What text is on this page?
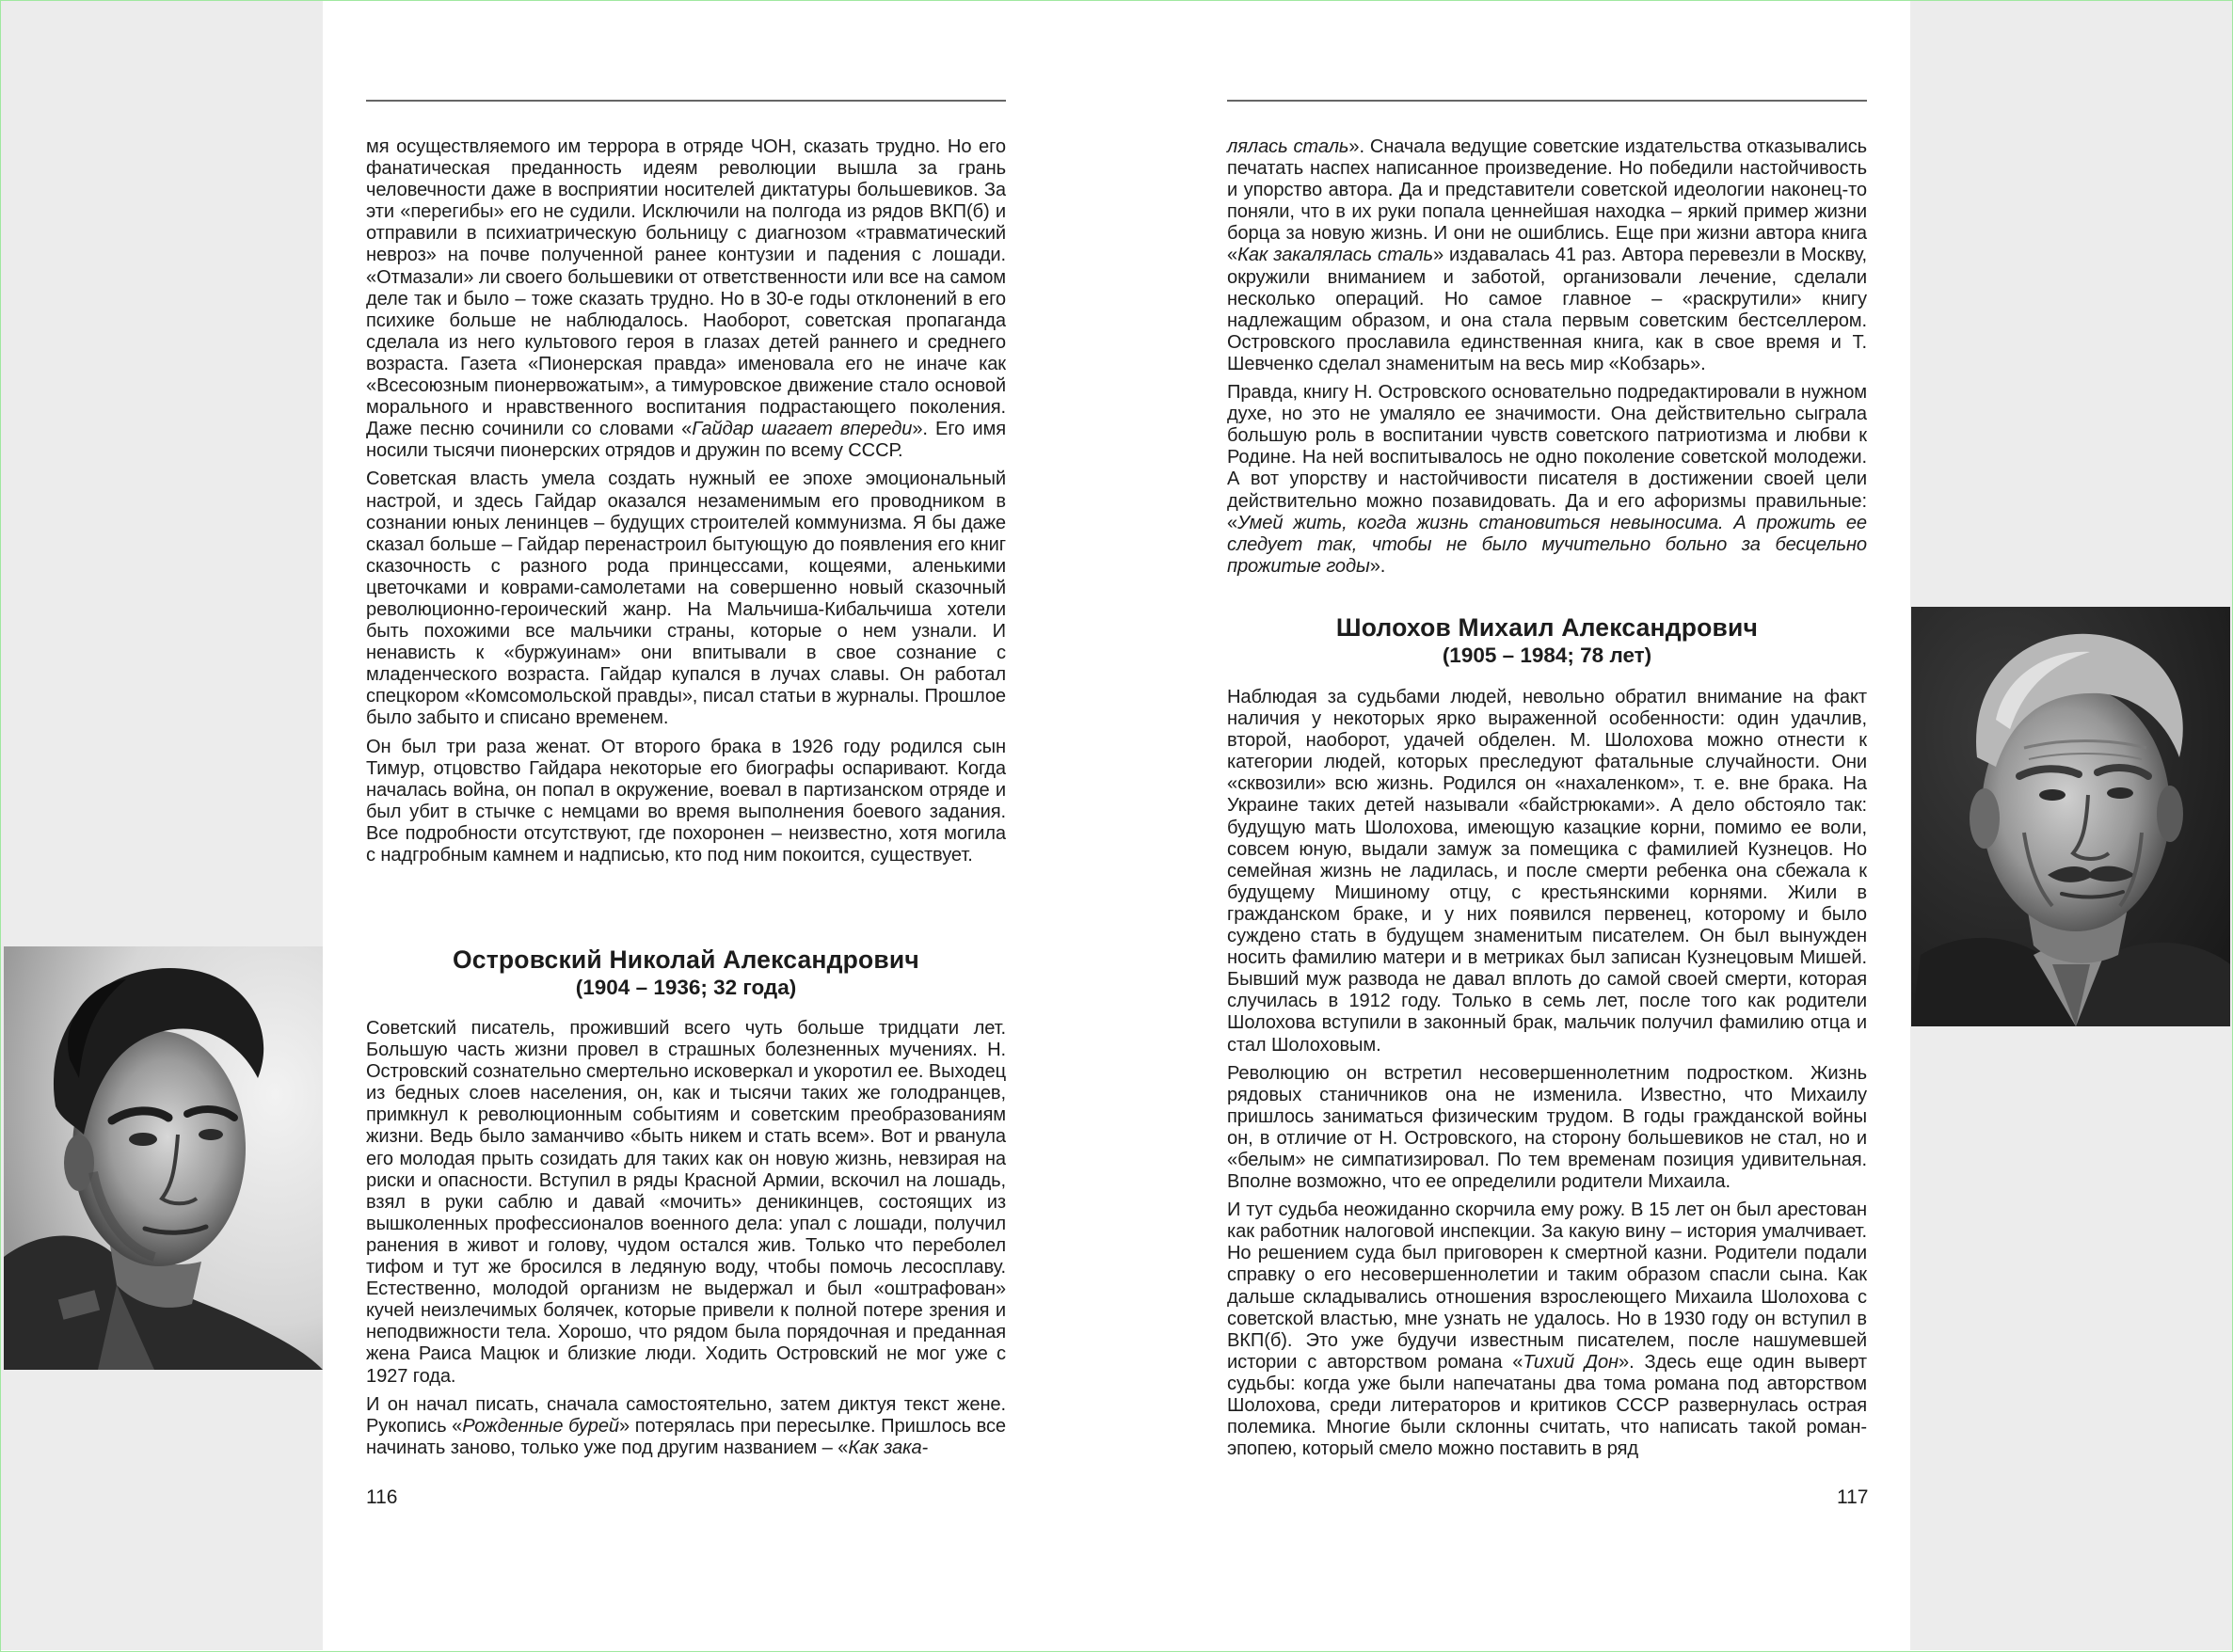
мя осуществляемого им террора в отряде ЧОН, сказать трудно. Но его фанатическая преданность идеям революции вышла за грань человечности даже в восприятии носителей диктатуры большевиков. За эти «перегибы» его не судили. Исключили на полгода из рядов ВКП(б) и отправили в психиатрическую больницу с диагнозом «травматический невроз» на почве полученной ранее контузии и падения с лошади. «Отмазали» ли своего большевики от ответственности или все на самом деле так и было – тоже сказать трудно. Но в 30-е годы отклонений в его психике больше не наблюдалось. Наоборот, советская пропаганда сделала из него культового героя в глазах детей раннего и среднего возраста. Газета «Пионерская правда» именовала его не иначе как «Всесоюзным пионервожатым», а тимуровское движение стало основой морального и нравственного воспитания подрастающего поколения. Даже песню сочинили со словами «Гайдар шагает впереди». Его имя носили тысячи пионерских отрядов и дружин по всему СССР.

Советская власть умела создать нужный ее эпохе эмоциональный настрой, и здесь Гайдар оказался незаменимым его проводником в сознании юных ленинцев – будущих строителей коммунизма. Я бы даже сказал больше – Гайдар перенастроил бытующую до появления его книг сказочность с разного рода принцессами, кощеями, аленькими цветочками и коврами-самолетами на совершенно новый сказочный революционно-героический жанр. На Мальчиша-Кибальчиша хотели быть похожими все мальчики страны, которые о нем узнали. И ненависть к «буржуинам» они впитывали в свое сознание с младенческого возраста. Гайдар купался в лучах славы. Он работал спецкором «Комсомольской правды», писал статьи в журналы. Прошлое было забыто и списано временем.

Он был три раза женат. От второго брака в 1926 году родился сын Тимур, отцовство Гайдара некоторые его биографы оспаривают. Когда началась война, он попал в окружение, воевал в партизанском отряде и был убит в стычке с немцами во время выполнения боевого задания. Все подробности отсутствуют, где похоронен – неизвестно, хотя могила с надгробным камнем и надписью, кто под ним покоится, существует.

Островский Николай Александрович
(1904 – 1936; 32 года)

Советский писатель, проживший всего чуть больше тридцати лет. Большую часть жизни провел в страшных болезненных мучениях. Н. Островский сознательно смертельно исковеркал и укоротил ее. Выходец из бедных слоев населения, он, как и тысячи таких же голодранцев, примкнул к революционным событиям и советским преобразованиям жизни. Ведь было заманчиво «быть никем и стать всем». Вот и рванула его молодая прыть созидать для таких как он новую жизнь, невзирая на риски и опасности. Вступил в ряды Красной Армии, вскочил на лошадь, взял в руки саблю и давай «мочить» деникинцев, состоящих из вышколенных профессионалов военного дела: упал с лошади, получил ранения в живот и голову, чудом остался жив. Только что переболел тифом и тут же бросился в ледяную воду, чтобы помочь лесосплаву. Естественно, молодой организм не выдержал и был «оштрафован» кучей неизлечимых болячек, которые привели к полной потере зрения и неподвижности тела. Хорошо, что рядом была порядочная и преданная жена Раиса Мацюк и близкие люди. Ходить Островский не мог уже с 1927 года.

И он начал писать, сначала самостоятельно, затем диктуя текст жене. Рукопись «Рожденные бурей» потерялась при пересылке. Пришлось все начинать заново, только уже под другим названием – «Как зака-

116

лялась сталь». Сначала ведущие советские издательства отказывались печатать наспех написанное произведение. Но победили настойчивость и упорство автора. Да и представители советской идеологии наконец-то поняли, что в их руки попала ценнейшая находка – яркий пример жизни борца за новую жизнь. И они не ошиблись. Еще при жизни автора книга «Как закалялась сталь» издавалась 41 раз. Автора перевезли в Москву, окружили вниманием и заботой, организовали лечение, сделали несколько операций. Но самое главное – «раскрутили» книгу надлежащим образом, и она стала первым советским бестселлером. Островского прославила единственная книга, как в свое время и Т. Шевченко сделал знаменитым на весь мир «Кобзарь».

Правда, книгу Н. Островского основательно подредактировали в нужном духе, но это не умаляло ее значимости. Она действительно сыграла большую роль в воспитании чувств советского патриотизма и любви к Родине. На ней воспитывалось не одно поколение советской молодежи. А вот упорству и настойчивости писателя в достижении своей цели действительно можно позавидовать. Да и его афоризмы правильные: «Умей жить, когда жизнь становиться невыносима. А прожить ее следует так, чтобы не было мучительно больно за бесцельно прожитые годы».

Шолохов Михаил Александрович
(1905 – 1984; 78 лет)

Наблюдая за судьбами людей, невольно обратил внимание на факт наличия у некоторых ярко выраженной особенности: один удачлив, второй, наоборот, удачей обделен. М. Шолохова можно отнести к категории людей, которых преследуют фатальные случайности. Они «сквозили» всю жизнь. Родился он «нахаленком», т. е. вне брака. На Украине таких детей называли «байстрюками». А дело обстояло так: будущую мать Шолохова, имеющую казацкие корни, помимо ее воли, совсем юную, выдали замуж за помещика с фамилией Кузнецов. Но семейная жизнь не ладилась, и после смерти ребенка она сбежала к будущему Мишиному отцу, с крестьянскими корнями. Жили в гражданском браке, и у них появился первенец, которому и было суждено стать в будущем знаменитым писателем. Он был вынужден носить фамилию матери и в метриках был записан Кузнецовым Мишей. Бывший муж развода не давал вплоть до самой своей смерти, которая случилась в 1912 году. Только в семь лет, после того как родители Шолохова вступили в законный брак, мальчик получил фамилию отца и стал Шолоховым.

Революцию он встретил несовершеннолетним подростком. Жизнь рядовых станичников она не изменила. Известно, что Михаилу пришлось заниматься физическим трудом. В годы гражданской войны он, в отличие от Н. Островского, на сторону большевиков не стал, но и «белым» не симпатизировал. По тем временам позиция удивительная. Вполне возможно, что ее определили родители Михаила.

И тут судьба неожиданно скорчила ему рожу. В 15 лет он был арестован как работник налоговой инспекции. За какую вину – история умалчивает. Но решением суда был приговорен к смертной казни. Родители подали справку о его несовершеннолетии и таким образом спасли сына. Как дальше складывались отношения взрослеющего Михаила Шолохова с советской властью, мне узнать не удалось. Но в 1930 году он вступил в ВКП(б). Это уже будучи известным писателем, после нашумевшей истории с авторством романа «Тихий Дон». Здесь еще один выверт судьбы: когда уже были напечатаны два тома романа под авторством Шолохова, среди литераторов и критиков СССР развернулась острая полемика. Многие были склонны считать, что написать такой роман-эпопею, который смело можно поставить в ряд

117
